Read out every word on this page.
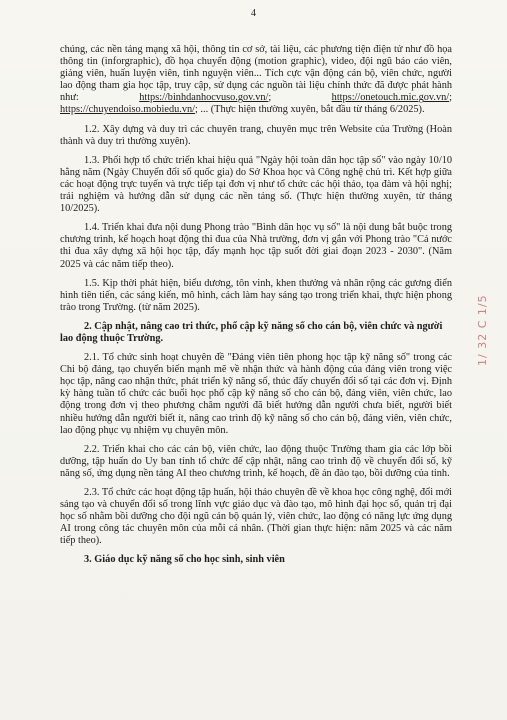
4

chúng, các nền tảng mạng xã hội, thông tin cơ sở, tài liệu, các phương tiện điện tử như đồ họa thông tin (inforgraphic), đồ họa chuyển động (motion graphic), video, đội ngũ báo cáo viên, giảng viên, huấn luyện viên, tình nguyện viên... Tích cực vận động cán bộ, viên chức, người lao động tham gia học tập, truy cập, sử dụng các nguồn tài liệu chính thức đã được phát hành như: https://binhdanhocvuso.gov.vn/; https://onetouch.mic.gov.vn/; https://chuyendoiso.mobiedu.vn/; ... (Thực hiện thường xuyên, bắt đầu từ tháng 6/2025).

1.2. Xây dựng và duy trì các chuyên trang, chuyên mục trên Website của Trường (Hoàn thành và duy trì thường xuyên).

1.3. Phối hợp tổ chức triển khai hiệu quả "Ngày hội toàn dân học tập số" vào ngày 10/10 hằng năm (Ngày Chuyển đổi số quốc gia) do Sở Khoa học và Công nghệ chủ trì. Kết hợp giữa các hoạt động trực tuyến và trực tiếp tại đơn vị như tổ chức các hội thảo, tọa đàm và hội nghị; trải nghiệm và hướng dẫn sử dụng các nền tảng số. (Thực hiện thường xuyên, từ tháng 10/2025).

1.4. Triển khai đưa nội dung Phong trào "Bình dân học vụ số" là nội dung bắt buộc trong chương trình, kế hoạch hoạt động thi đua của Nhà trường, đơn vị gắn với Phong trào "Cả nước thi đua xây dựng xã hội học tập, đẩy mạnh học tập suốt đời giai đoạn 2023 - 2030". (Năm 2025 và các năm tiếp theo).

1.5. Kịp thời phát hiện, biểu dương, tôn vinh, khen thưởng và nhân rộng các gương điển hình tiên tiến, các sáng kiến, mô hình, cách làm hay sáng tạo trong triển khai, thực hiện phong trào trong Trường. (từ năm 2025).

2. Cập nhật, nâng cao tri thức, phổ cập kỹ năng số cho cán bộ, viên chức và người lao động thuộc Trường.

2.1. Tổ chức sinh hoạt chuyên đề "Đảng viên tiên phong học tập kỹ năng số" trong các Chi bộ đảng, tạo chuyển biến mạnh mẽ về nhận thức và hành động của đảng viên trong việc học tập, nâng cao nhận thức, phát triển kỹ năng số, thúc đẩy chuyển đổi số tại các đơn vị. Định kỳ hàng tuần tổ chức các buổi học phổ cập kỹ năng số cho cán bộ, đảng viên, viên chức, lao động trong đơn vị theo phương châm người đã biết hướng dẫn người chưa biết, người biết nhiều hướng dẫn người biết ít, nâng cao trình độ kỹ năng số cho cán bộ, đảng viên, viên chức, lao động phục vụ nhiệm vụ chuyên môn.

2.2. Triển khai cho các cán bộ, viên chức, lao động thuộc Trường tham gia các lớp bồi dưỡng, tập huấn do Uy ban tỉnh tổ chức để cập nhật, nâng cao trình độ về chuyển đổi số, kỹ năng số, ứng dụng nền tảng AI theo chương trình, kế hoạch, đề án đào tạo, bồi dưỡng của tỉnh.

2.3. Tổ chức các hoạt động tập huấn, hội thảo chuyên đề về khoa học công nghệ, đổi mới sáng tạo và chuyển đổi số trong lĩnh vực giáo dục và đào tạo, mô hình đại học số, quản trị đại học số nhằm bồi dưỡng cho đội ngũ cán bộ quản lý, viên chức, lao động có năng lực ứng dụng AI trong công tác chuyên môn của mỗi cá nhân. (Thời gian thực hiện: năm 2025 và các năm tiếp theo).

3. Giáo dục kỹ năng số cho học sinh, sinh viên

1/ 32 C 1/5
